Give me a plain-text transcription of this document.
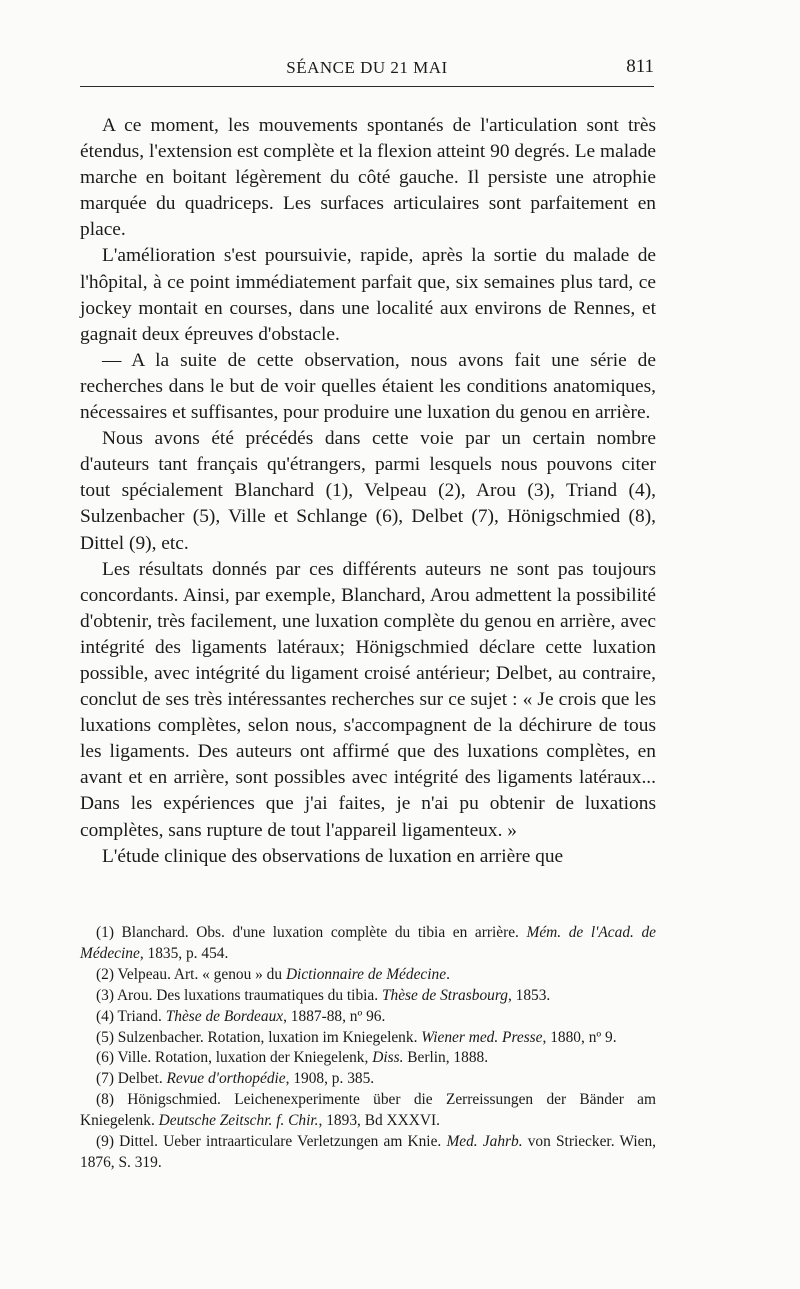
SÉANCE DU 21 MAI	811

A ce moment, les mouvements spontanés de l'articulation sont très étendus, l'extension est complète et la flexion atteint 90 degrés. Le malade marche en boitant légèrement du côté gauche. Il persiste une atrophie marquée du quadriceps. Les surfaces articulaires sont parfaitement en place.

L'amélioration s'est poursuivie, rapide, après la sortie du malade de l'hôpital, à ce point immédiatement parfait que, six semaines plus tard, ce jockey montait en courses, dans une localité aux environs de Rennes, et gagnait deux épreuves d'obstacle.

— A la suite de cette observation, nous avons fait une série de recherches dans le but de voir quelles étaient les conditions anatomiques, nécessaires et suffisantes, pour produire une luxation du genou en arrière.

Nous avons été précédés dans cette voie par un certain nombre d'auteurs tant français qu'étrangers, parmi lesquels nous pouvons citer tout spécialement Blanchard (1), Velpeau (2), Arou (3), Triand (4), Sulzenbacher (5), Ville et Schlange (6), Delbet (7), Hönigschmied (8), Dittel (9), etc.

Les résultats donnés par ces différents auteurs ne sont pas toujours concordants. Ainsi, par exemple, Blanchard, Arou admettent la possibilité d'obtenir, très facilement, une luxation complète du genou en arrière, avec intégrité des ligaments latéraux; Hönigschmied déclare cette luxation possible, avec intégrité du ligament croisé antérieur; Delbet, au contraire, conclut de ses très intéressantes recherches sur ce sujet : « Je crois que les luxations complètes, selon nous, s'accompagnent de la déchirure de tous les ligaments. Des auteurs ont affirmé que des luxations complètes, en avant et en arrière, sont possibles avec intégrité des ligaments latéraux... Dans les expériences que j'ai faites, je n'ai pu obtenir de luxations complètes, sans rupture de tout l'appareil ligamenteux. »

L'étude clinique des observations de luxation en arrière que

(1) Blanchard. Obs. d'une luxation complète du tibia en arrière. Mém. de l'Acad. de Médecine, 1835, p. 454.

(2) Velpeau. Art. « genou » du Dictionnaire de Médecine.

(3) Arou. Des luxations traumatiques du tibia. Thèse de Strasbourg, 1853.

(4) Triand. Thèse de Bordeaux, 1887-88, nº 96.

(5) Sulzenbacher. Rotation, luxation im Kniegelenk. Wiener med. Presse, 1880, nº 9.

(6) Ville. Rotation, luxation der Kniegelenk, Diss. Berlin, 1888.

(7) Delbet. Revue d'orthopédie, 1908, p. 385.

(8) Hönigschmied. Leichenexperimente über die Zerreissungen der Bänder am Kniegelenk. Deutsche Zeitschr. f. Chir., 1893, Bd XXXVI.

(9) Dittel. Ueber intraarticulare Verletzungen am Knie. Med. Jahrb. von Striecker. Wien, 1876, S. 319.
